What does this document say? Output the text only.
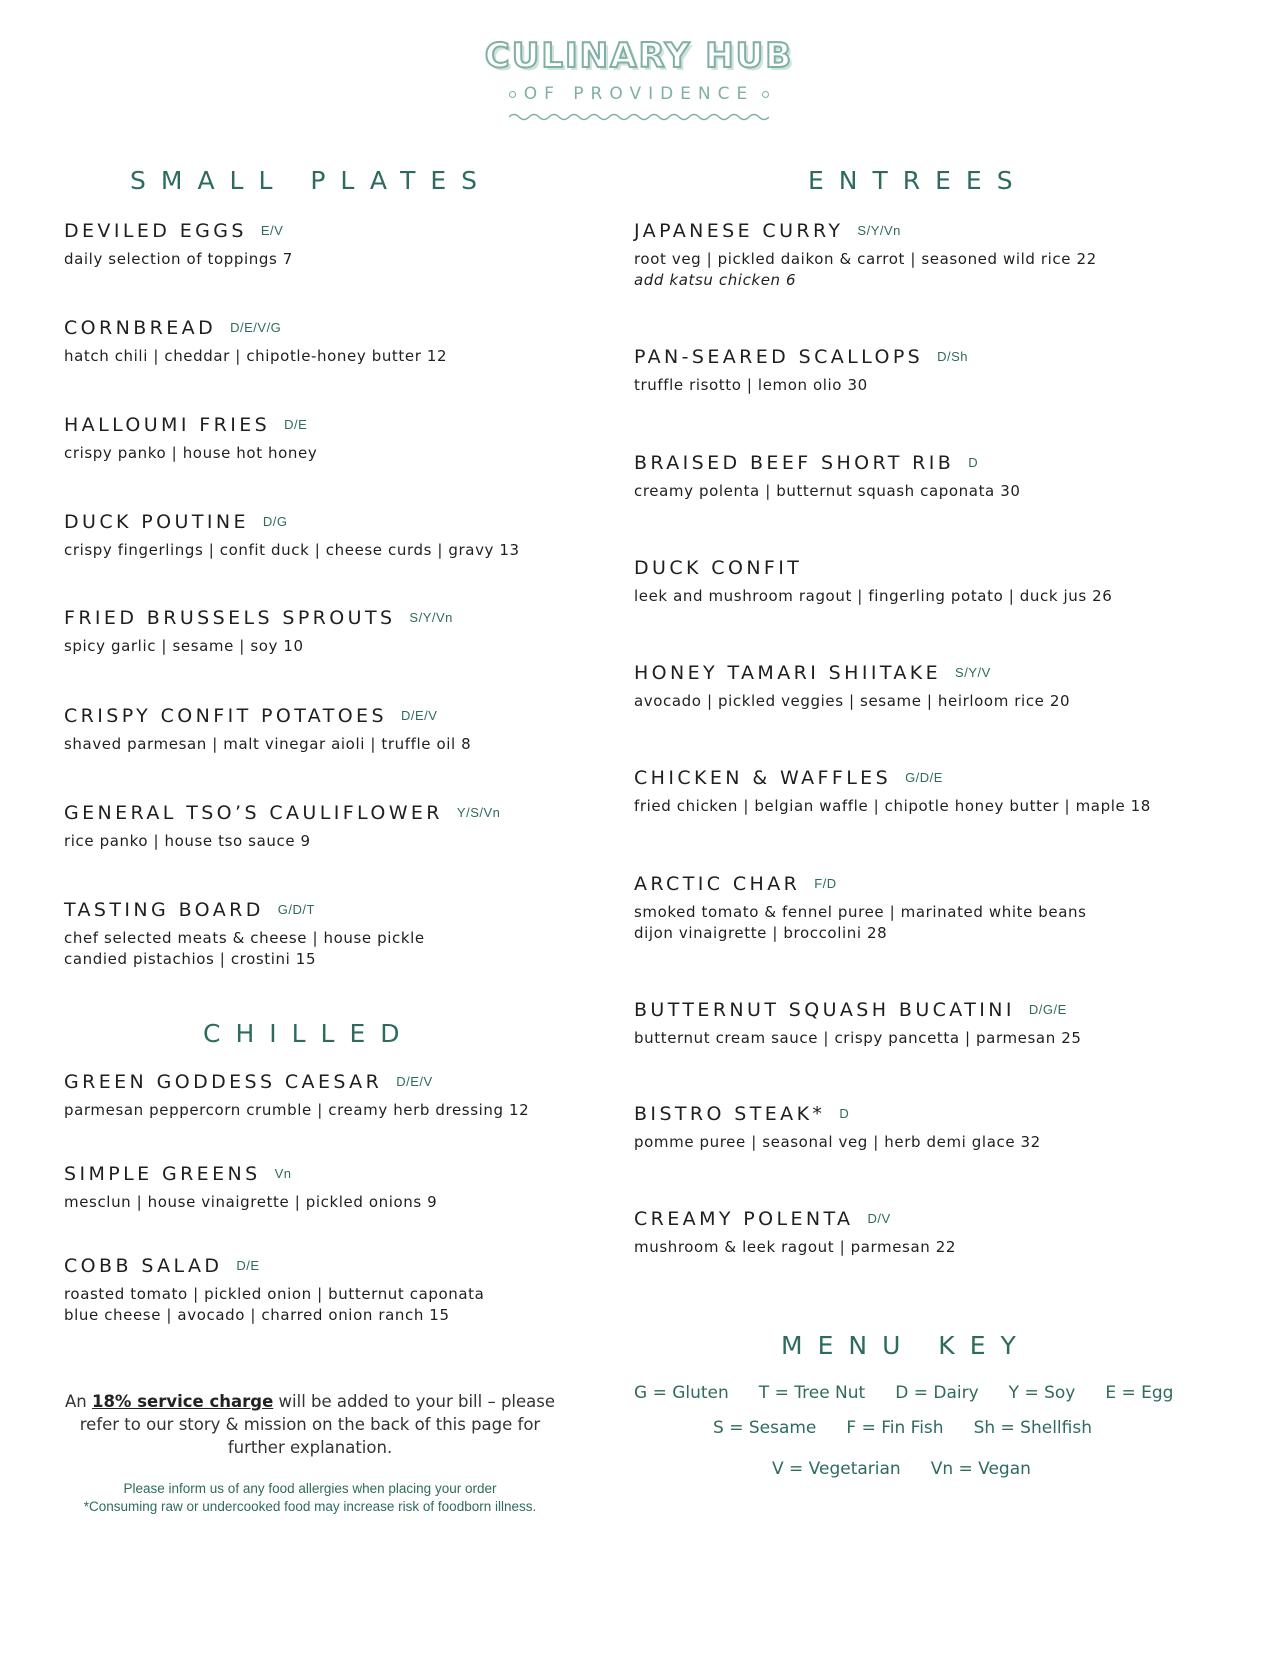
CULINARY HUB
OF PROVIDENCE
SMALL PLATES	ENTREES
CHILLED
MENU KEY
DEVILED EGGS E/V
daily selection of toppings 7
CORNBREAD D/E/V/G
hatch chili | cheddar | chipotle-honey butter 12
HALLOUMI FRIES D/E
crispy panko | house hot honey
DUCK POUTINE D/G
crispy fingerlings | confit duck | cheese curds | gravy 13
FRIED BRUSSELS SPROUTS S/Y/Vn
spicy garlic | sesame | soy 10
CRISPY CONFIT POTATOES D/E/V
shaved parmesan | malt vinegar aioli | truffle oil 8
GENERAL TSO’S CAULIFLOWER Y/S/Vn
rice panko | house tso sauce 9
TASTING BOARD G/D/T
chef selected meats & cheese | house pickle
candied pistachios | crostini 15
GREEN GODDESS CAESAR D/E/V
parmesan peppercorn crumble | creamy herb dressing 12
SIMPLE GREENS Vn
mesclun | house vinaigrette | pickled onions 9
COBB SALAD D/E
roasted tomato | pickled onion | butternut caponata
blue cheese | avocado | charred onion ranch 15
JAPANESE CURRY S/Y/Vn
root veg | pickled daikon & carrot | seasoned wild rice 22
add katsu chicken 6
PAN-SEARED SCALLOPS D/Sh
truffle risotto | lemon olio 30
BRAISED BEEF SHORT RIB D
creamy polenta | butternut squash caponata 30
DUCK CONFIT
leek and mushroom ragout | fingerling potato | duck jus 26
HONEY TAMARI SHIITAKE S/Y/V
avocado | pickled veggies | sesame | heirloom rice 20
CHICKEN & WAFFLES G/D/E
fried chicken | belgian waffle | chipotle honey butter | maple 18
ARCTIC CHAR F/D
smoked tomato & fennel puree | marinated white beans
dijon vinaigrette | broccolini 28
BUTTERNUT SQUASH BUCATINI D/G/E
butternut cream sauce | crispy pancetta | parmesan 25
BISTRO STEAK* D
pomme puree | seasonal veg | herb demi glace 32
CREAMY POLENTA D/V
mushroom & leek ragout | parmesan 22
G = Gluten T = Tree Nut D = Dairy Y = Soy E = Egg
S = Sesame F = Fin Fish Sh = Shellfish
V = Vegetarian Vn = Vegan
An 18% service charge will be added to your bill – please refer to our story & mission on the back of this page for further explanation.
Please inform us of any food allergies when placing your order
*Consuming raw or undercooked food may increase risk of foodborn illness.
